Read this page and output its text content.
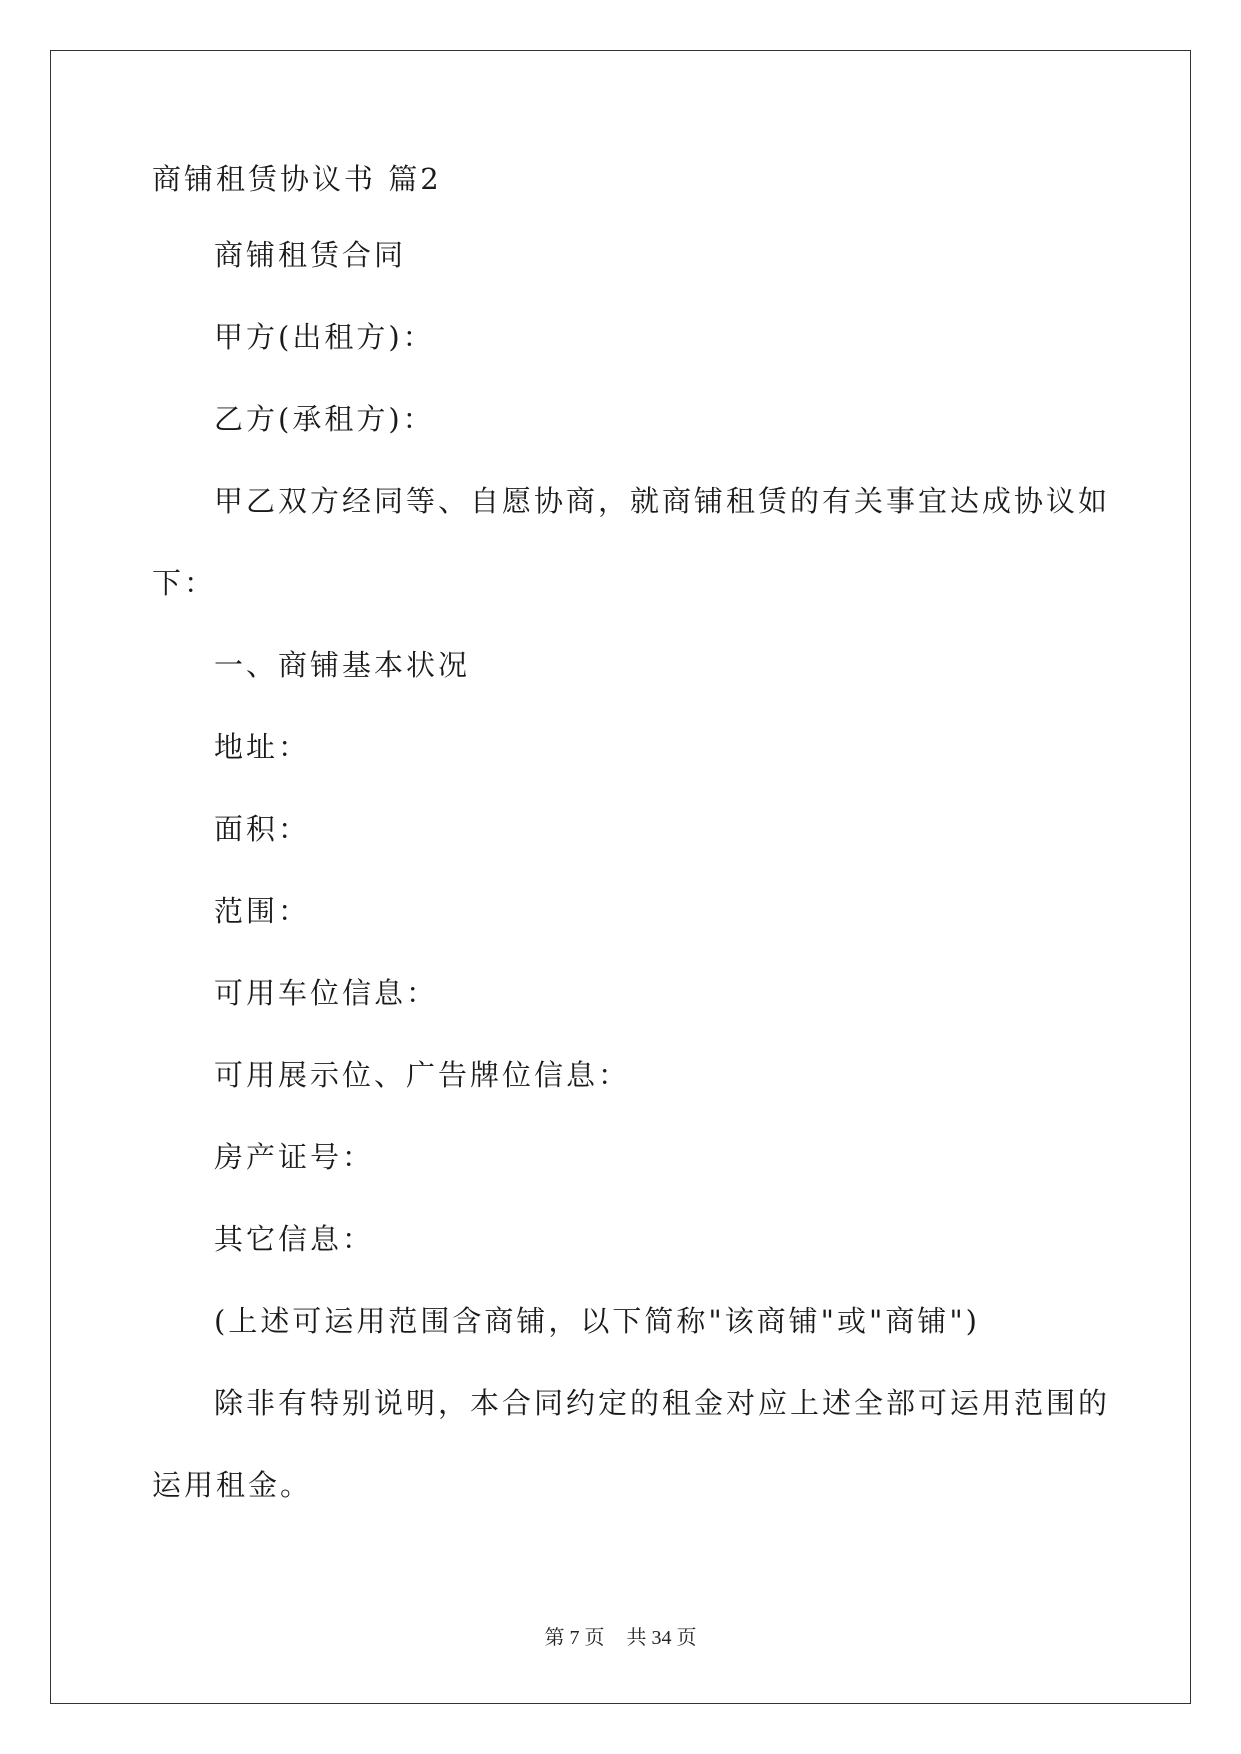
商铺租赁协议书 篇2
商铺租赁合同
甲方(出租方)：
乙方(承租方)：
甲乙双方经同等、自愿协商，就商铺租赁的有关事宜达成协议如
下：
一、商铺基本状况
地址：
面积：
范围：
可用车位信息：
可用展示位、广告牌位信息：
房产证号：
其它信息：
(上述可运用范围含商铺，以下简称"该商铺"或"商铺")
除非有特别说明，本合同约定的租金对应上述全部可运用范围的
运用租金。
第 7 页 共 34 页
